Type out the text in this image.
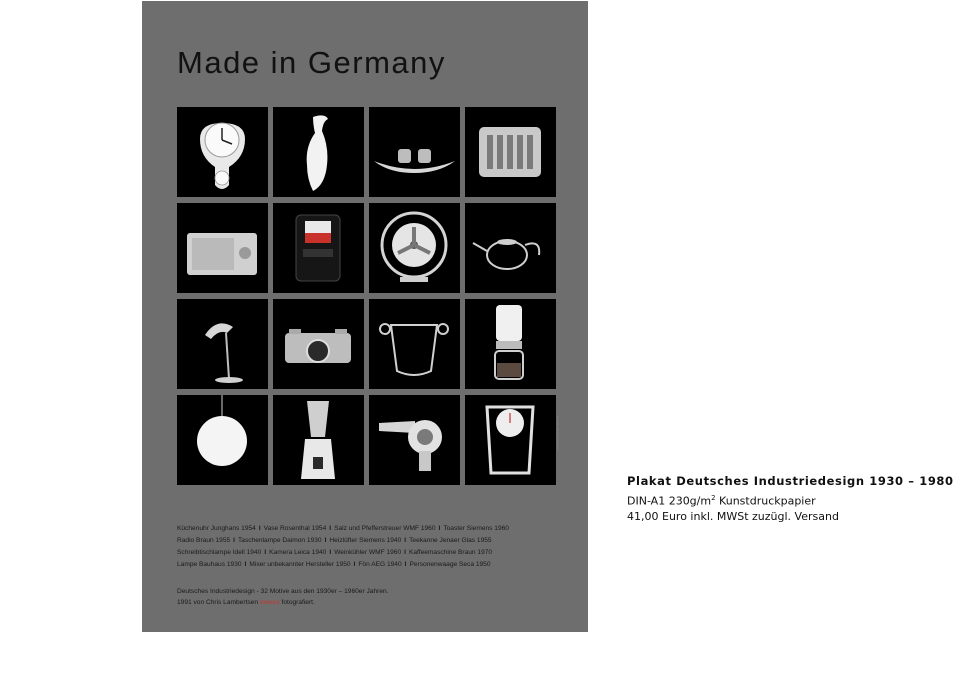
Made in Germany
www.made-in-germany.de
Küchenuhr Junghans 1954 I Vase Rosenthal 1954 I Salz und Pfefferstreuer WMF 1960 I Toaster Siemens 1960
Radio Braun 1955 I Taschenlampe Daimon 1930 I Heizlüfter Siemens 1940 I Teekanne Jenaer Glas 1955
Schreibtischlampe Idell 1940 I Kamera Leica 1940 I Weinkühler WMF 1960 I Kaffeemaschine Braun 1970
Lampe Bauhaus 1930 I Mixer unbekannter Hersteller 1950 I Fön AEG 1940 I Personenwaage Seca 1950
Deutsches Industriedesign - 32 Motive aus den 1930er – 1960er Jahren.
1991 von Chris Lambertsen xxxxxx fotografiert.
Plakat Deutsches Industriedesign 1930 – 1980
DIN-A1 $230g/m^2$ Kunstdruckpapier
41,00 Euro inkl. MWSt zuzügl. Versand
